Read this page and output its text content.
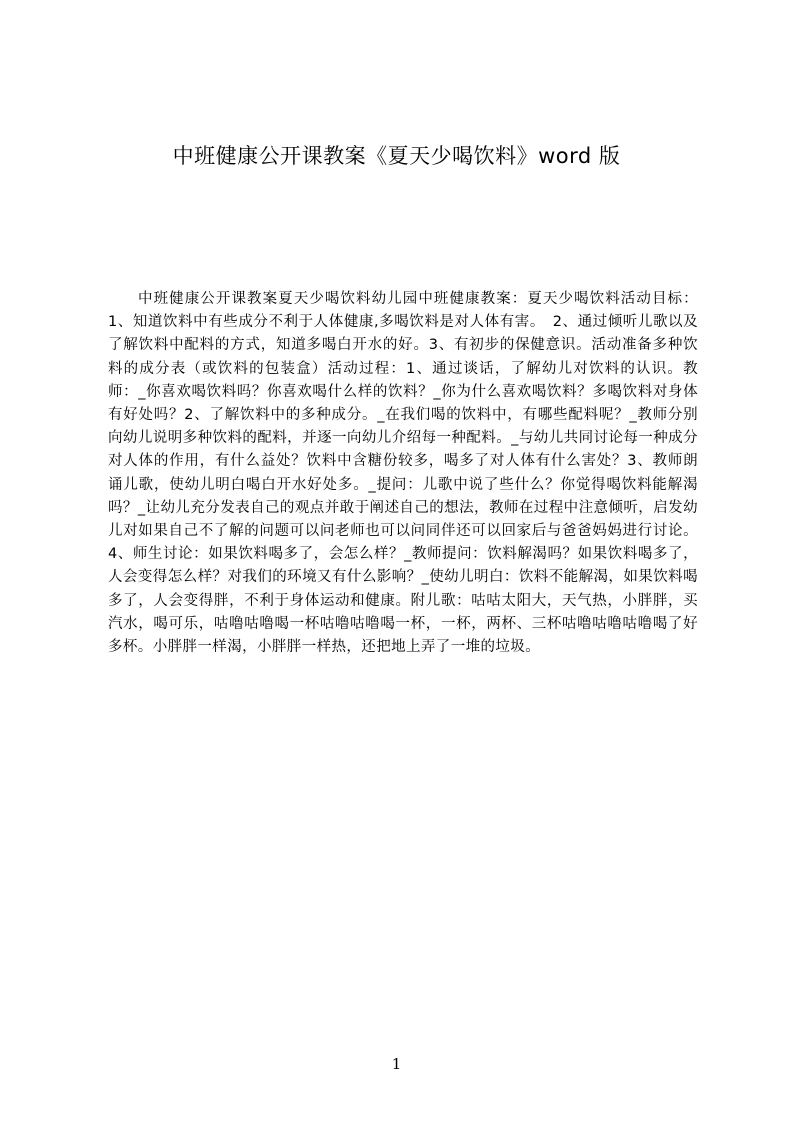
中班健康公开课教案《夏天少喝饮料》word 版

中班健康公开课教案夏天少喝饮料幼儿园中班健康教案：夏天少喝饮料活动目标：1、知道饮料中有些成分不利于人体健康,多喝饮料是对人体有害。　2、通过倾听儿歌以及了解饮料中配料的方式，知道多喝白开水的好。3、有初步的保健意识。活动准备多种饮料的成分表（或饮料的包装盒）活动过程：1、通过谈话，了解幼儿对饮料的认识。教师：_你喜欢喝饮料吗？你喜欢喝什么样的饮料？_你为什么喜欢喝饮料？多喝饮料对身体有好处吗？2、了解饮料中的多种成分。_在我们喝的饮料中，有哪些配料呢？_教师分别向幼儿说明多种饮料的配料，并逐一向幼儿介绍每一种配料。_与幼儿共同讨论每一种成分对人体的作用，有什么益处？饮料中含糖份较多，喝多了对人体有什么害处？3、教师朗诵儿歌，使幼儿明白喝白开水好处多。_提问：儿歌中说了些什么？你觉得喝饮料能解渴吗？_让幼儿充分发表自己的观点并敢于阐述自己的想法，教师在过程中注意倾听，启发幼儿对如果自己不了解的问题可以问老师也可以问同伴还可以回家后与爸爸妈妈进行讨论。4、师生讨论：如果饮料喝多了，会怎么样？_教师提问：饮料解渴吗？如果饮料喝多了，人会变得怎么样？对我们的环境又有什么影响？_使幼儿明白：饮料不能解渴，如果饮料喝多了，人会变得胖，不利于身体运动和健康。附儿歌：咕咕太阳大，天气热，小胖胖，买汽水，喝可乐，咕噜咕噜喝一杯咕噜咕噜喝一杯，一杯，两杯、三杯咕噜咕噜咕噜喝了好多杯。小胖胖一样渴，小胖胖一样热，还把地上弄了一堆的垃圾。

1
